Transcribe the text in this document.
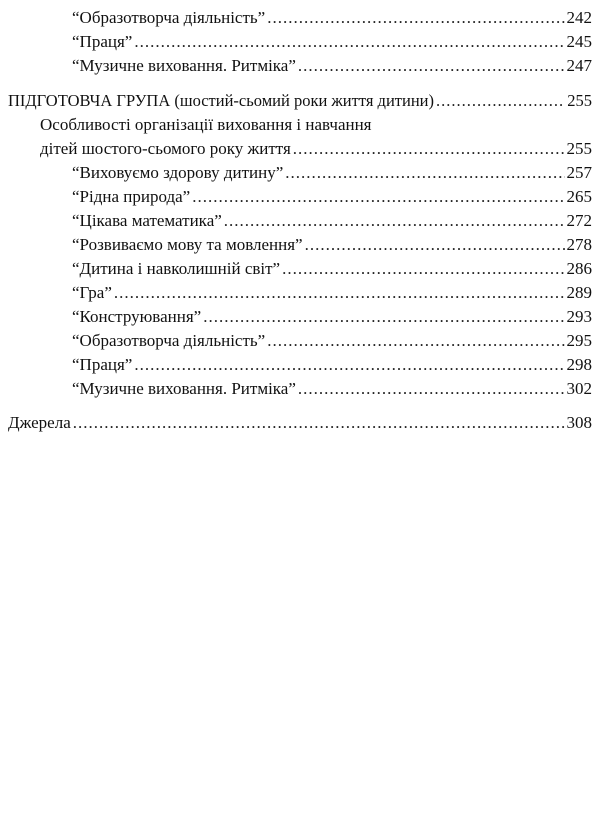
“Образотворча діяльність” .....	242
“Праця” .....	245
“Музичне виховання. Ритміка” .....	247
ПІДГОТОВЧА ГРУПА (шостий-сьомий роки життя дитини) .....	255
Особливості організації виховання і навчання
дітей шостого-сьомого року життя .....	255
“Виховуємо здорову дитину” .....	257
“Рідна природа” .....	265
“Цікава математика” .....	272
“Розвиваємо мову та мовлення” .....	278
“Дитина і навколишній світ” .....	286
“Гра” .....	289
“Конструювання” .....	293
“Образотворча діяльність” .....	295
“Праця” .....	298
“Музичне виховання. Ритміка” .....	302
Джерела .....	308
